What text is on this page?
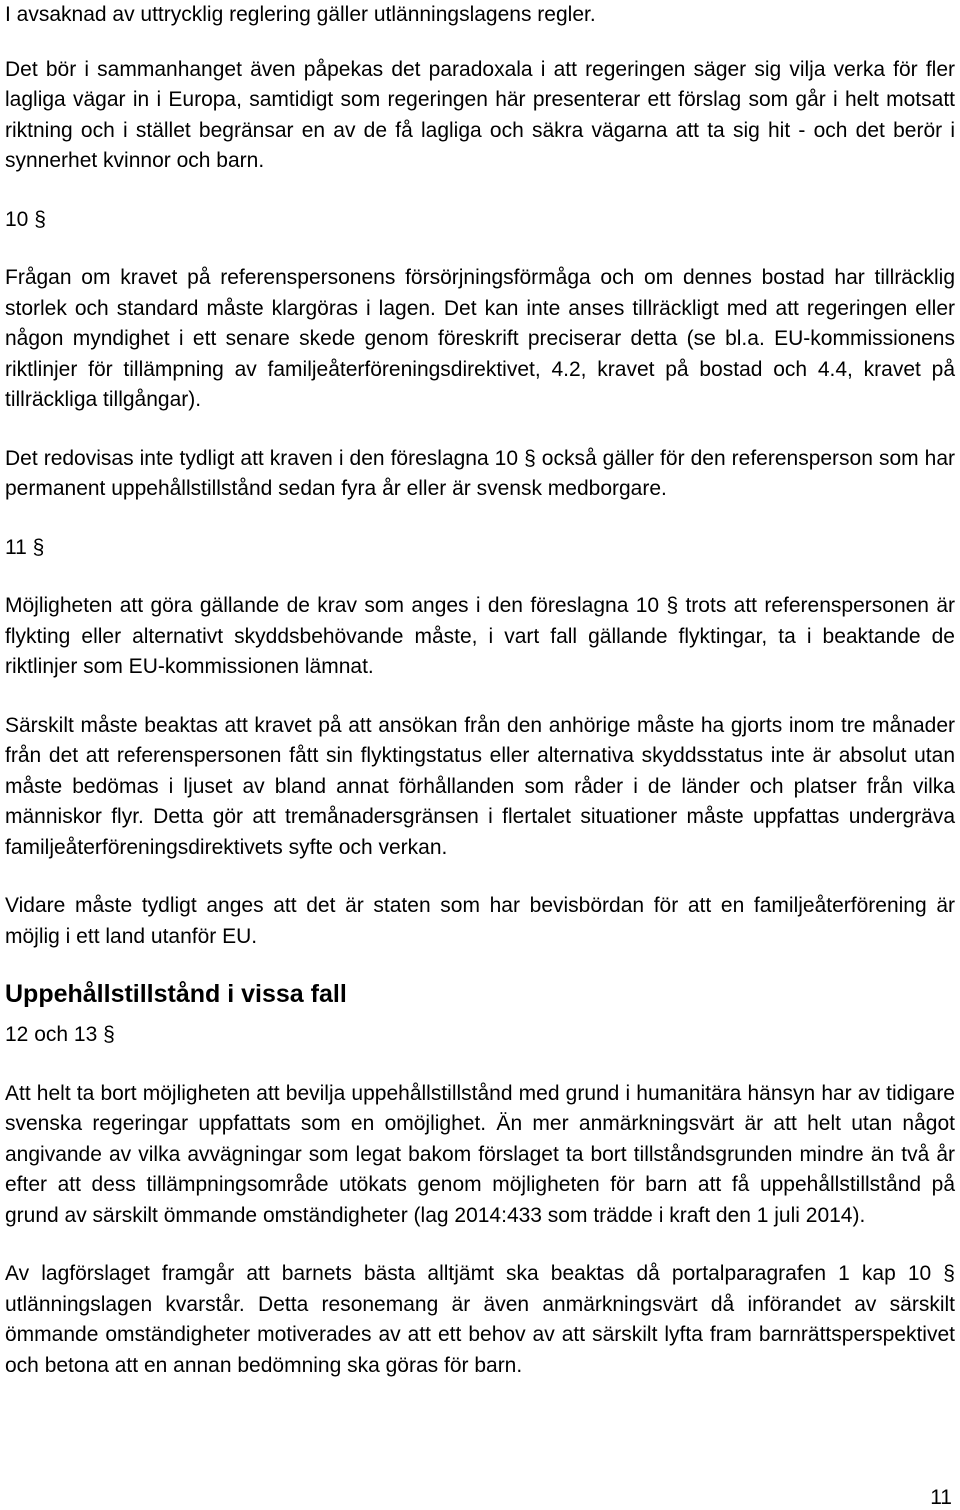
I avsaknad av uttrycklig reglering gäller utlänningslagens regler.

Det bör i sammanhanget även påpekas det paradoxala i att regeringen säger sig vilja verka för fler lagliga vägar in i Europa, samtidigt som regeringen här presenterar ett förslag som går i helt motsatt riktning och i stället begränsar en av de få lagliga och säkra vägarna att ta sig hit - och det berör i synnerhet kvinnor och barn.

10 §

Frågan om kravet på referenspersonens försörjningsförmåga och om dennes bostad har tillräcklig storlek och standard måste klargöras i lagen. Det kan inte anses tillräckligt med att regeringen eller någon myndighet i ett senare skede genom föreskrift preciserar detta (se bl.a. EU-kommissionens riktlinjer för tillämpning av familjeåterföreningsdirektivet, 4.2, kravet på bostad och 4.4, kravet på tillräckliga tillgångar).

Det redovisas inte tydligt att kraven i den föreslagna 10 § också gäller för den referensperson som har permanent uppehållstillstånd sedan fyra år eller är svensk medborgare.

11 §

Möjligheten att göra gällande de krav som anges i den föreslagna 10 § trots att referenspersonen är flykting eller alternativt skyddsbehövande måste, i vart fall gällande flyktingar, ta i beaktande de riktlinjer som EU-kommissionen lämnat.

Särskilt måste beaktas att kravet på att ansökan från den anhörige måste ha gjorts inom tre månader från det att referenspersonen fått sin flyktingstatus eller alternativa skyddsstatus inte är absolut utan måste bedömas i ljuset av bland annat förhållanden som råder i de länder och platser från vilka människor flyr. Detta gör att tremånadersgränsen i flertalet situationer måste uppfattas undergräva familjeåterföreningsdirektivets syfte och verkan.

Vidare måste tydligt anges att det är staten som har bevisbördan för att en familjeåterförening är möjlig i ett land utanför EU.

Uppehållstillstånd i vissa fall

12 och 13 §

Att helt ta bort möjligheten att bevilja uppehållstillstånd med grund i humanitära hänsyn har av tidigare svenska regeringar uppfattats som en omöjlighet. Än mer anmärkningsvärt är att helt utan något angivande av vilka avvägningar som legat bakom förslaget ta bort tillståndsgrunden mindre än två år efter att dess tillämpningsområde utökats genom möjligheten för barn att få uppehållstillstånd på grund av särskilt ömmande omständigheter (lag 2014:433 som trädde i kraft den 1 juli 2014).

Av lagförslaget framgår att barnets bästa alltjämt ska beaktas då portalparagrafen 1 kap 10 § utlänningslagen kvarstår. Detta resonemang är även anmärkningsvärt då införandet av särskilt ömmande omständigheter motiverades av att ett behov av att särskilt lyfta fram barnrättsperspektivet och betona att en annan bedömning ska göras för barn.

11
